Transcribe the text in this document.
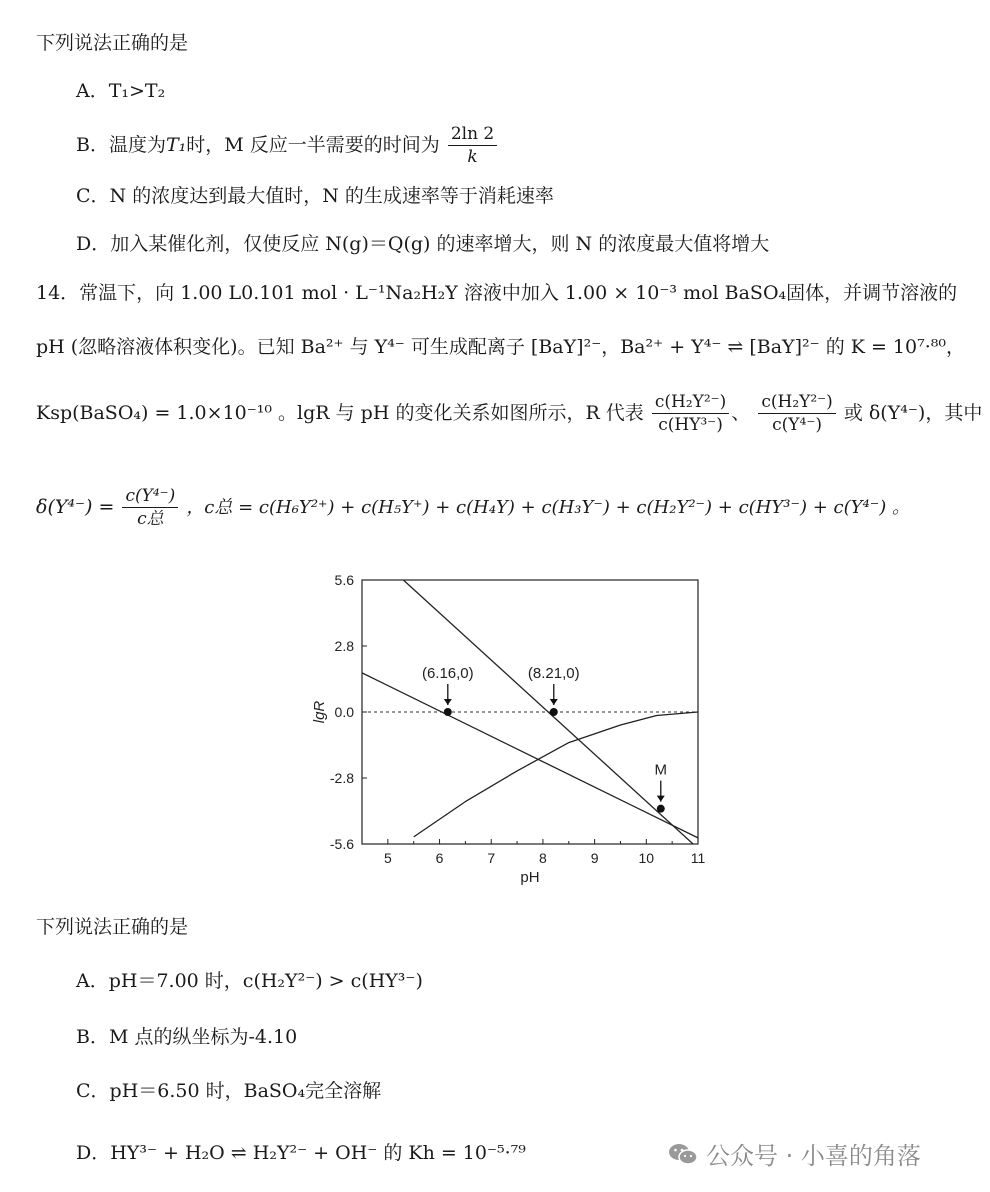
下列说法正确的是
A．T₁>T₂
B．温度为T₁时，M 反应一半需要的时间为 $\frac{2\ln 2}{k}$
C．N 的浓度达到最大值时，N 的生成速率等于消耗速率
D．加入某催化剂，仅使反应 N(g)＝Q(g) 的速率增大，则 N 的浓度最大值将增大
14．常温下，向 1.00 L0.101 mol · L⁻¹Na₂H₂Y 溶液中加入 1.00 × 10⁻³ mol BaSO₄固体，并调节溶液的
pH (忽略溶液体积变化)。已知 Ba²⁺ 与 Y⁴⁻ 可生成配离子 [BaY]²⁻，Ba²⁺ + Y⁴⁻ ⇌ [BaY]²⁻ 的 K = 10⁷·⁸⁰，
Ksp(BaSO₄) = 1.0×10⁻¹⁰ 。lgR 与 pH 的变化关系如图所示，R 代表 $\frac{\text{c(H₂Y²⁻)}}{\text{c(HY³⁻)}}$ 、 $\frac{\text{c(H₂Y²⁻)}}{\text{c(Y⁴⁻)}}$ 或 δ(Y⁴⁻)，其中
$\delta(Y^{4-}) = \frac{\text{c(Y⁴⁻)}}{\text{c总}}$ ，c总 = c(H₆Y²⁺) + c(H₅Y⁺) + c(H₄Y) + c(H₃Y⁻) + c(H₂Y²⁻) + c(HY³⁻) + c(Y⁴⁻) 。
5.6
2.8
0.0
-2.8
-5.6
5	6	7	8	9	10	11
pH
lgR
(6.16,0)	(8.21,0)
M
下列说法正确的是
A．pH＝7.00 时，c(H₂Y²⁻) > c(HY³⁻)
B．M 点的纵坐标为-4.10
C．pH＝6.50 时，BaSO₄完全溶解
D．HY³⁻ + H₂O ⇌ H₂Y²⁻ + OH⁻ 的 Kh = 10⁻⁵·⁷⁹	公众号 · 小喜的角落
